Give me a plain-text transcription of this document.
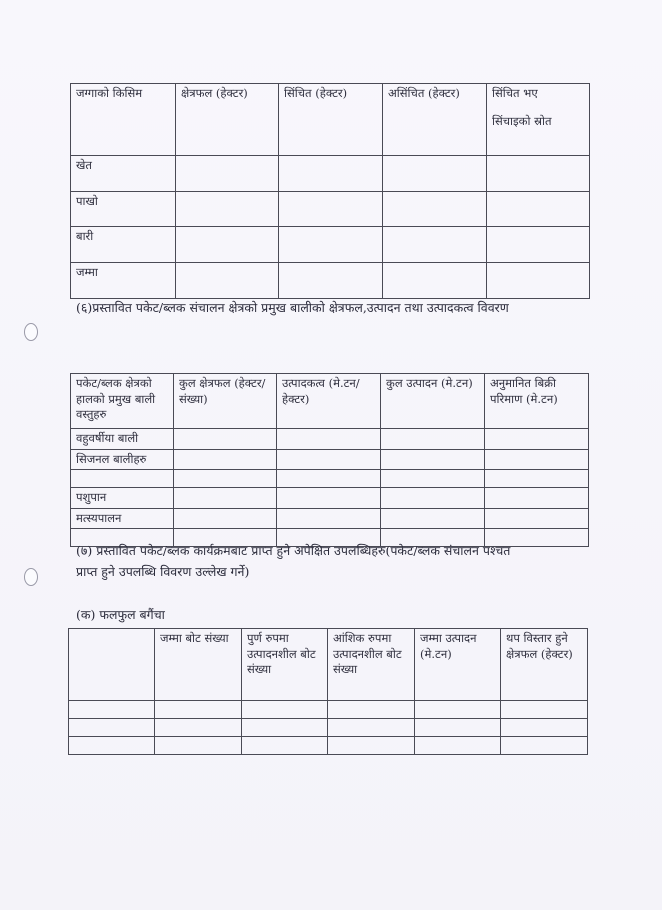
जग्गाको किसिम	क्षेत्रफल (हेक्टर)	सिंचित (हेक्टर)	असिंचित (हेक्टर)	सिंचित भए
सिंचाइको स्रोत
खेत				
पाखो				
बारी				
जम्मा				
(६)प्रस्तावित पकेट/ब्लक संचालन क्षेत्रको प्रमुख बालीको क्षेत्रफल,उत्पादन तथा उत्पादकत्व विवरण
पकेट/ब्लक क्षेत्रको हालको प्रमुख बाली वस्तुहरु	कुल क्षेत्रफल (हेक्टर/संख्या)	उत्पादकत्व (मे.टन/हेक्टर)	कुल उत्पादन (मे.टन)	अनुमानित बिक्री परिमाण (मे.टन)
वहुवर्षीया बाली				
सिजनल बालीहरु				

पशुपान				
मत्स्यपालन				

(७) प्रस्तावित पकेट/ब्लक कार्यक्रमबाट प्राप्त हुने अपेक्षित उपलब्धिहरु(पकेट/ब्लक संचालन पश्चत
प्राप्त हुने उपलब्धि विवरण उल्लेख गर्ने)
(क) फलफुल बगैंचा
	जम्मा बोट संख्या	पुर्ण रुपमा उत्पादनशील बोट संख्या	आंशिक रुपमा उत्पादनशील बोट संख्या	जम्मा उत्पादन (मे.टन)	थप विस्तार हुने क्षेत्रफल (हेक्टर)
